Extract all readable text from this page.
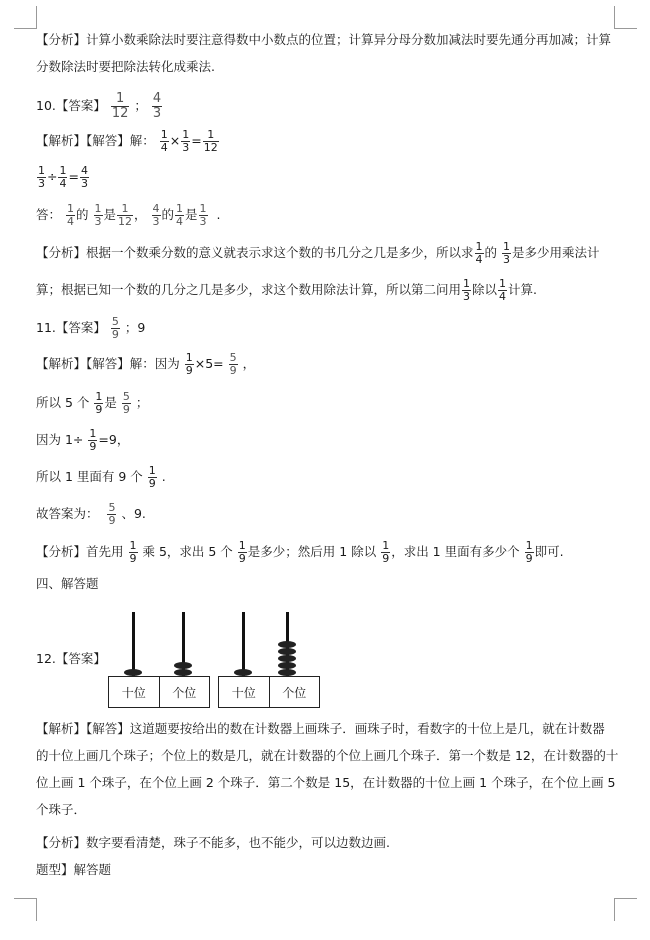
【分析】计算小数乘除法时要注意得数中小数点的位置；计算异分母分数加减法时要先通分再加减；计算
分数除法时要把除法转化成乘法.
10.【答案】 $\frac{1}{12}$ ； $\frac{4}{3}$
【解析】【解答】解： $\frac{1}{4} \times \frac{1}{3} = \frac{1}{12}$
$\frac{1}{3} \div \frac{1}{4} = \frac{4}{3}$
答： $\frac{1}{4}$ 的 $\frac{1}{3}$ 是 $\frac{1}{12}$ ， $\frac{4}{3}$ 的 $\frac{1}{4}$ 是 $\frac{1}{3}$ .
【分析】根据一个数乘分数的意义就表示求这个数的书几分之几是多少，所以求 $\frac{1}{4}$ 的 $\frac{1}{3}$ 是多少用乘法计
算；根据已知一个数的几分之几是多少，求这个数用除法计算，所以第二问用 $\frac{1}{3}$ 除以 $\frac{1}{4}$ 计算.
11.【答案】 $\frac{5}{9}$ ；9
【解析】【解答】解：因为 $\frac{1}{9} \times 5= \frac{5}{9}$ ，
所以 5 个 $\frac{1}{9}$ 是 $\frac{5}{9}$ ；
因为 $1\div \frac{1}{9} =9$，
所以 1 里面有 9 个 $\frac{1}{9}$ .
故答案为： $\frac{5}{9}$ 、9.
【分析】首先用 $\frac{1}{9}$ 乘 5，求出 5 个 $\frac{1}{9}$ 是多少；然后用 1 除以 $\frac{1}{9}$ ，求出 1 里面有多少个 $\frac{1}{9}$ 即可.
四、解答题
12.【答案】
十位	个位	十位	个位
【解析】【解答】这道题要按给出的数在计数器上画珠子．画珠子时，看数字的十位上是几，就在计数器
的十位上画几个珠子；个位上的数是几，就在计数器的个位上画几个珠子．第一个数是 12，在计数器的十
位上画 1 个珠子，在个位上画 2 个珠子．第二个数是 15，在计数器的十位上画 1 个珠子，在个位上画 5
个珠子．
【分析】数字要看清楚，珠子不能多，也不能少，可以边数边画.
题型】解答题
